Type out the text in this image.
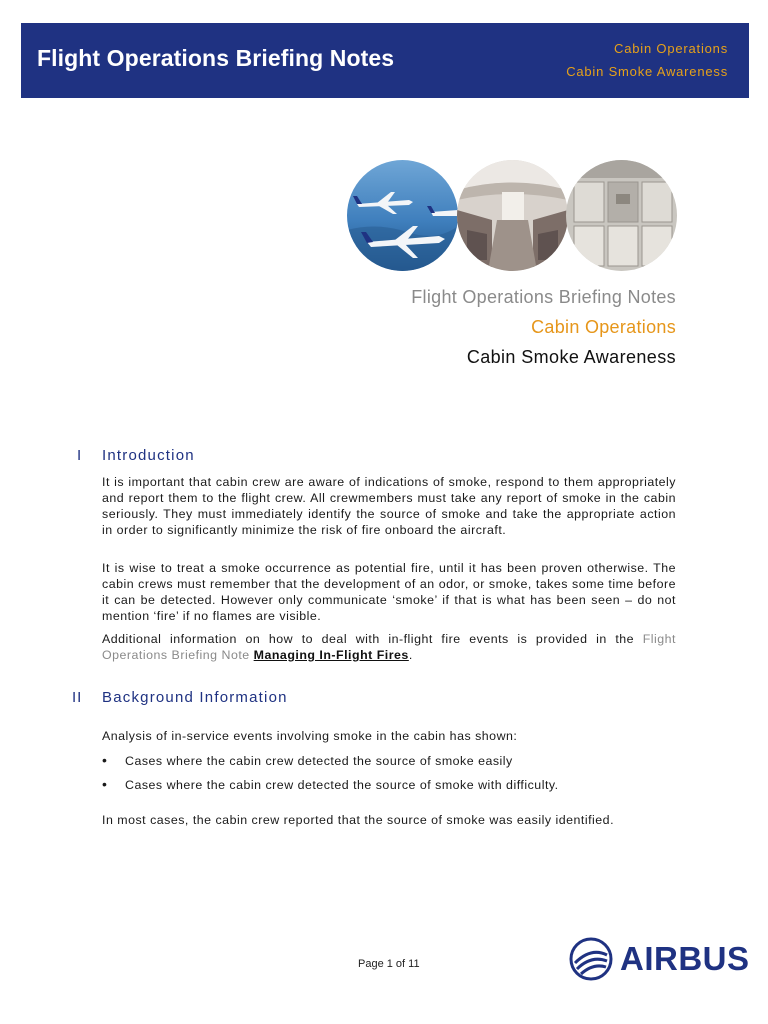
Flight Operations Briefing Notes	Cabin Operations
Cabin Smoke Awareness
Flight Operations Briefing Notes
Cabin Operations
Cabin Smoke Awareness
I Introduction

It is important that cabin crew are aware of indications of smoke, respond to them appropriately and report them to the flight crew. All crewmembers must take any report of smoke in the cabin seriously. They must immediately identify the source of smoke and take the appropriate action in order to significantly minimize the risk of fire onboard the aircraft.

It is wise to treat a smoke occurrence as potential fire, until it has been proven otherwise. The cabin crews must remember that the development of an odor, or smoke, takes some time before it can be detected. However only communicate ‘smoke’ if that is what has been seen – do not mention ‘fire’ if no flames are visible.

Additional information on how to deal with in-flight fire events is provided in the Flight Operations Briefing Note Managing In-Flight Fires.

II Background Information
Analysis of in-service events involving smoke in the cabin has shown:
• Cases where the cabin crew detected the source of smoke easily
• Cases where the cabin crew detected the source of smoke with difficulty.
In most cases, the cabin crew reported that the source of smoke was easily identified.
Page 1 of 11	AIRBUS
